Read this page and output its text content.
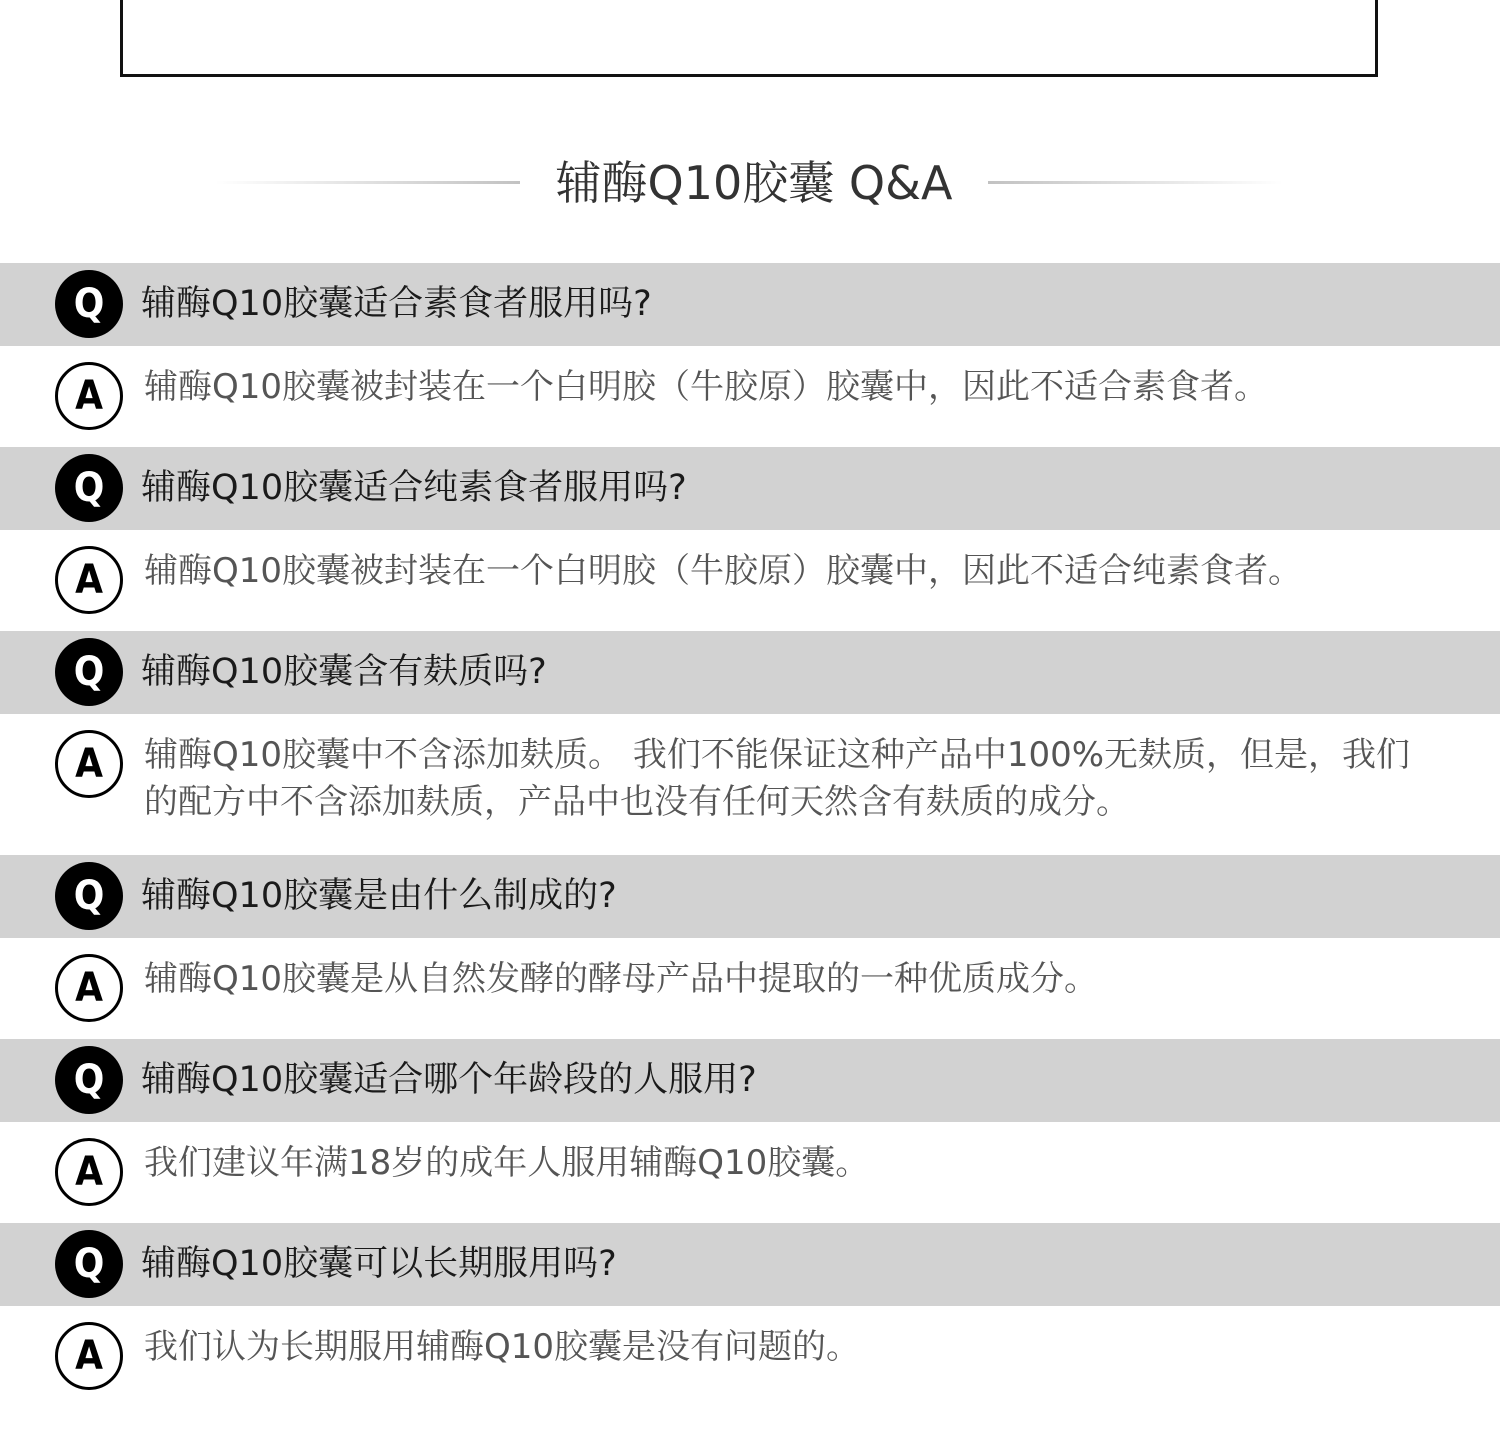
辅酶Q10胶囊 Q&A
Q	辅酶Q10胶囊适合素食者服用吗?
A	辅酶Q10胶囊被封装在一个白明胶（牛胶原）胶囊中，因此不适合素食者。
Q	辅酶Q10胶囊适合纯素食者服用吗?
A	辅酶Q10胶囊被封装在一个白明胶（牛胶原）胶囊中，因此不适合纯素食者。
Q	辅酶Q10胶囊含有麸质吗?
A	辅酶Q10胶囊中不含添加麸质。 我们不能保证这种产品中100%无麸质，但是，我们的配方中不含添加麸质，产品中也没有任何天然含有麸质的成分。
Q	辅酶Q10胶囊是由什么制成的?
A	辅酶Q10胶囊是从自然发酵的酵母产品中提取的一种优质成分。
Q	辅酶Q10胶囊适合哪个年龄段的人服用?
A	我们建议年满18岁的成年人服用辅酶Q10胶囊。
Q	辅酶Q10胶囊可以长期服用吗?
A	我们认为长期服用辅酶Q10胶囊是没有问题的。
